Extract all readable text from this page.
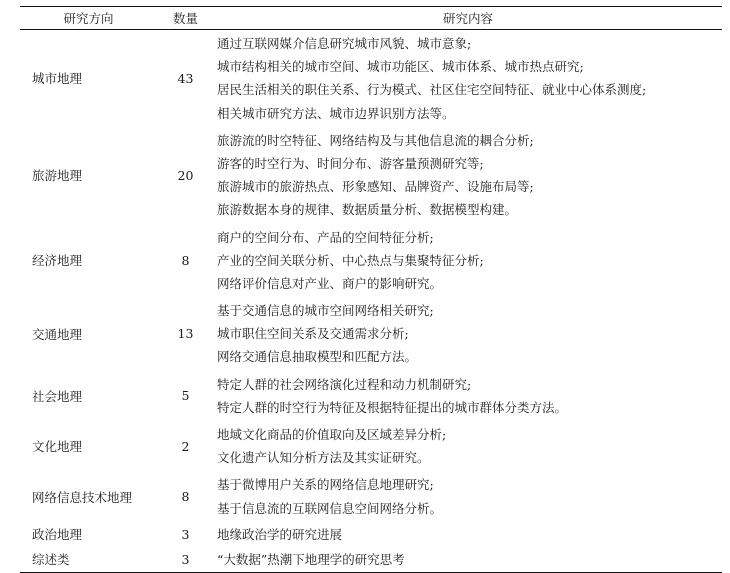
研究方向	数量	研究内容
城市地理	43	通过互联网媒介信息研究城市风貌、城市意象;
城市结构相关的城市空间、城市功能区、城市体系、城市热点研究;
居民生活相关的职住关系、行为模式、社区住宅空间特征、就业中心体系测度;
相关城市研究方法、城市边界识别方法等。

旅游地理	20	旅游流的时空特征、网络结构及与其他信息流的耦合分析;
游客的时空行为、时间分布、游客量预测研究等;
旅游城市的旅游热点、形象感知、品牌资产、设施布局等;
旅游数据本身的规律、数据质量分析、数据模型构建。

经济地理	8	商户的空间分布、产品的空间特征分析;
产业的空间关联分析、中心热点与集聚特征分析;
网络评价信息对产业、商户的影响研究。

交通地理	13	基于交通信息的城市空间网络相关研究;
城市职住空间关系及交通需求分析;
网络交通信息抽取模型和匹配方法。

社会地理	5	特定人群的社会网络演化过程和动力机制研究;
特定人群的时空行为特征及根据特征提出的城市群体分类方法。

文化地理	2	地域文化商品的价值取向及区域差异分析;
文化遗产认知分析方法及其实证研究。

网络信息技术地理	8	基于微博用户关系的网络信息地理研究;
基于信息流的互联网信息空间网络分析。

政治地理	3	地缘政治学的研究进展

综述类	3	“大数据”热潮下地理学的研究思考
